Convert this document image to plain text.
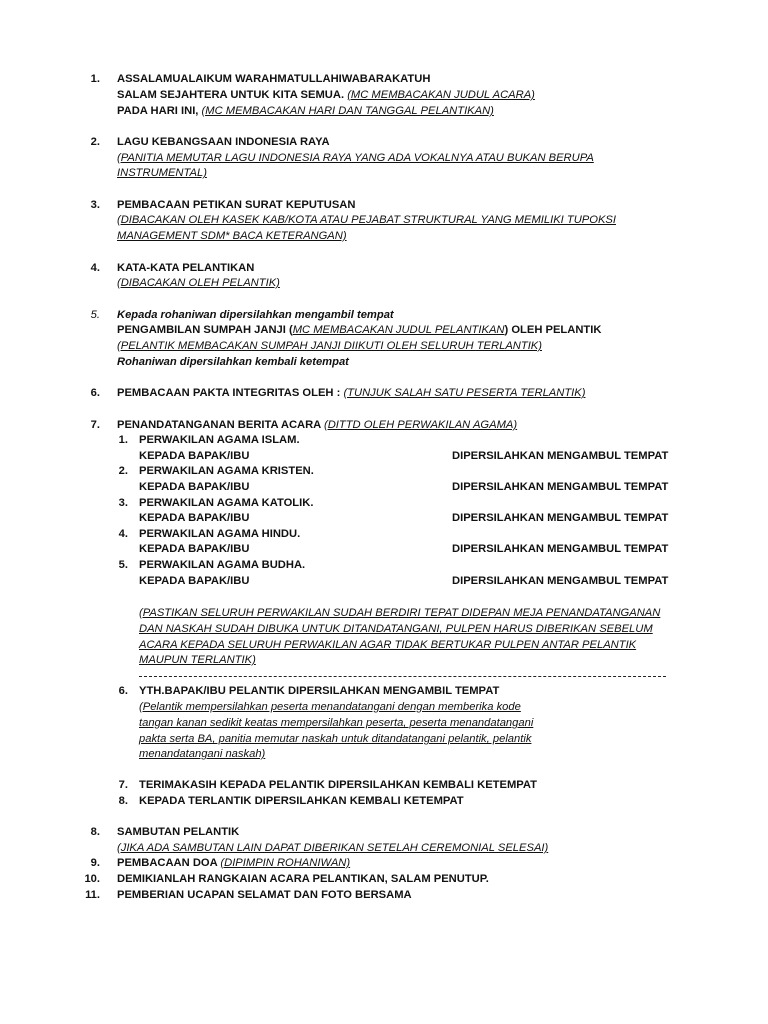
1. ASSALAMUALAIKUM WARAHMATULLAHIWABARAKATUH
SALAM SEJAHTERA UNTUK KITA SEMUA. (MC MEMBACAKAN JUDUL ACARA)
PADA HARI INI, (MC MEMBACAKAN HARI DAN TANGGAL PELANTIKAN)
2. LAGU KEBANGSAAN INDONESIA RAYA
(PANITIA MEMUTAR LAGU INDONESIA RAYA YANG ADA VOKALNYA ATAU BUKAN BERUPA
INSTRUMENTAL)
3. PEMBACAAN PETIKAN SURAT KEPUTUSAN
(DIBACAKAN OLEH KASEK KAB/KOTA ATAU PEJABAT STRUKTURAL YANG MEMILIKI TUPOKSI
MANAGEMENT SDM* BACA KETERANGAN)
4. KATA-KATA PELANTIKAN
(DIBACAKAN OLEH PELANTIK)
5. Kepada rohaniwan dipersilahkan mengambil tempat
PENGAMBILAN SUMPAH JANJI (MC MEMBACAKAN JUDUL PELANTIKAN) OLEH PELANTIK
(PELANTIK MEMBACAKAN SUMPAH JANJI DIIKUTI OLEH SELURUH TERLANTIK)
Rohaniwan dipersilahkan kembali ketempat
6. PEMBACAAN PAKTA INTEGRITAS OLEH : (TUNJUK SALAH SATU PESERTA TERLANTIK)
7. PENANDATANGANAN BERITA ACARA (DITTD OLEH PERWAKILAN AGAMA)
1. PERWAKILAN AGAMA ISLAM.
KEPADA BAPAK/IBU	DIPERSILAHKAN MENGAMBUL TEMPAT
2. PERWAKILAN AGAMA KRISTEN.
KEPADA BAPAK/IBU	DIPERSILAHKAN MENGAMBUL TEMPAT
3. PERWAKILAN AGAMA KATOLIK.
KEPADA BAPAK/IBU	DIPERSILAHKAN MENGAMBUL TEMPAT
4. PERWAKILAN AGAMA HINDU.
KEPADA BAPAK/IBU	DIPERSILAHKAN MENGAMBUL TEMPAT
5. PERWAKILAN AGAMA BUDHA.
KEPADA BAPAK/IBU	DIPERSILAHKAN MENGAMBUL TEMPAT
(PASTIKAN SELURUH PERWAKILAN SUDAH BERDIRI TEPAT DIDEPAN MEJA PENANDATANGANAN
DAN NASKAH SUDAH DIBUKA UNTUK DITANDATANGANI, PULPEN HARUS DIBERIKAN SEBELUM
ACARA KEPADA SELURUH PERWAKILAN AGAR TIDAK BERTUKAR PULPEN ANTAR PELANTIK
MAUPUN TERLANTIK)
6. YTH.BAPAK/IBU PELANTIK DIPERSILAHKAN MENGAMBIL TEMPAT
(Pelantik mempersilahkan peserta menandatangani dengan memberika kode
tangan kanan sedikit keatas mempersilahkan peserta, peserta menandatangani
pakta serta BA, panitia memutar naskah untuk ditandatangani pelantik, pelantik
menandatangani naskah)
7. TERIMAKASIH KEPADA PELANTIK DIPERSILAHKAN KEMBALI KETEMPAT
8. KEPADA TERLANTIK DIPERSILAHKAN KEMBALI KETEMPAT
8. SAMBUTAN PELANTIK
(JIKA ADA SAMBUTAN LAIN DAPAT DIBERIKAN SETELAH CEREMONIAL SELESAI)
9. PEMBACAAN DOA (DIPIMPIN ROHANIWAN)
10. DEMIKIANLAH RANGKAIAN ACARA PELANTIKAN, SALAM PENUTUP.
11. PEMBERIAN UCAPAN SELAMAT DAN FOTO BERSAMA
